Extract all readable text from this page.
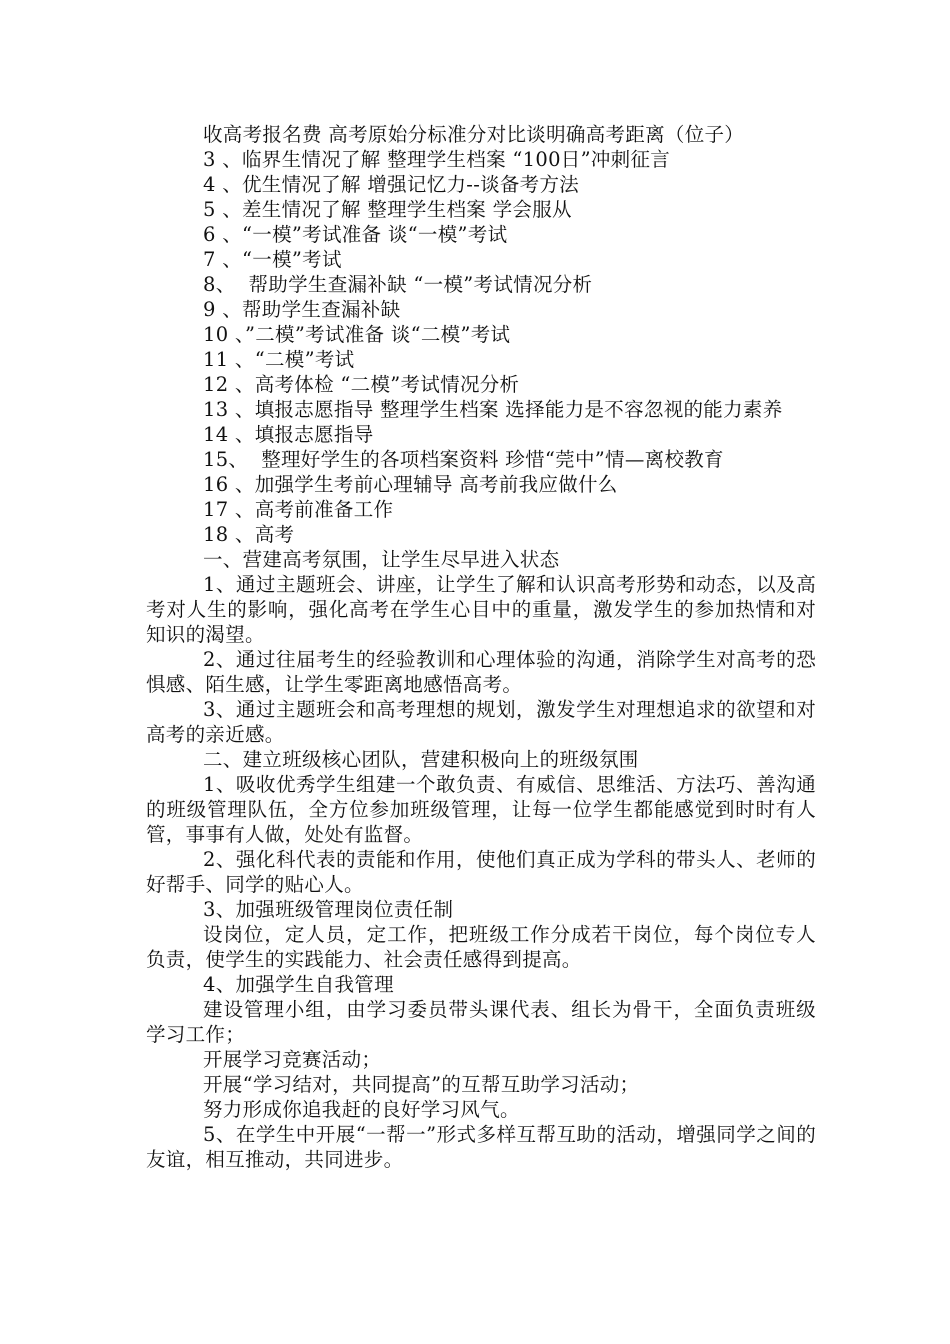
收高考报名费 高考原始分标准分对比谈明确高考距离（位子）
3 、临界生情况了解 整理学生档案 “100日”冲刺征言
4 、优生情况了解 增强记忆力--谈备考方法
5 、差生情况了解 整理学生档案 学会服从
6 、“一模”考试准备 谈“一模”考试
7 、“一模”考试
8、  帮助学生查漏补缺 “一模”考试情况分析
9 、帮助学生查漏补缺
10 、”二模”考试准备 谈“二模”考试
11 、“二模”考试
12 、高考体检 “二模”考试情况分析
13 、填报志愿指导 整理学生档案 选择能力是不容忽视的能力素养
14 、填报志愿指导
15、  整理好学生的各项档案资料 珍惜“莞中”情—离校教育
16 、加强学生考前心理辅导 高考前我应做什么
17 、高考前准备工作
18 、高考
一、营建高考氛围，让学生尽早进入状态
1、通过主题班会、讲座，让学生了解和认识高考形势和动态，以及高考对人生的影响，强化高考在学生心目中的重量，激发学生的参加热情和对知识的渴望。
2、通过往届考生的经验教训和心理体验的沟通，消除学生对高考的恐惧感、陌生感，让学生零距离地感悟高考。
3、通过主题班会和高考理想的规划，激发学生对理想追求的欲望和对高考的亲近感。
二、建立班级核心团队，营建积极向上的班级氛围
1、吸收优秀学生组建一个敢负责、有威信、思维活、方法巧、善沟通的班级管理队伍，全方位参加班级管理，让每一位学生都能感觉到时时有人管，事事有人做，处处有监督。
2、强化科代表的责能和作用，使他们真正成为学科的带头人、老师的好帮手、同学的贴心人。
3、加强班级管理岗位责任制
设岗位，定人员，定工作，把班级工作分成若干岗位，每个岗位专人负责，使学生的实践能力、社会责任感得到提高。
4、加强学生自我管理
建设管理小组，由学习委员带头课代表、组长为骨干，全面负责班级学习工作；
开展学习竞赛活动；
开展“学习结对，共同提高”的互帮互助学习活动；
努力形成你追我赶的良好学习风气。
5、在学生中开展“一帮一”形式多样互帮互助的活动，增强同学之间的友谊，相互推动，共同进步。
